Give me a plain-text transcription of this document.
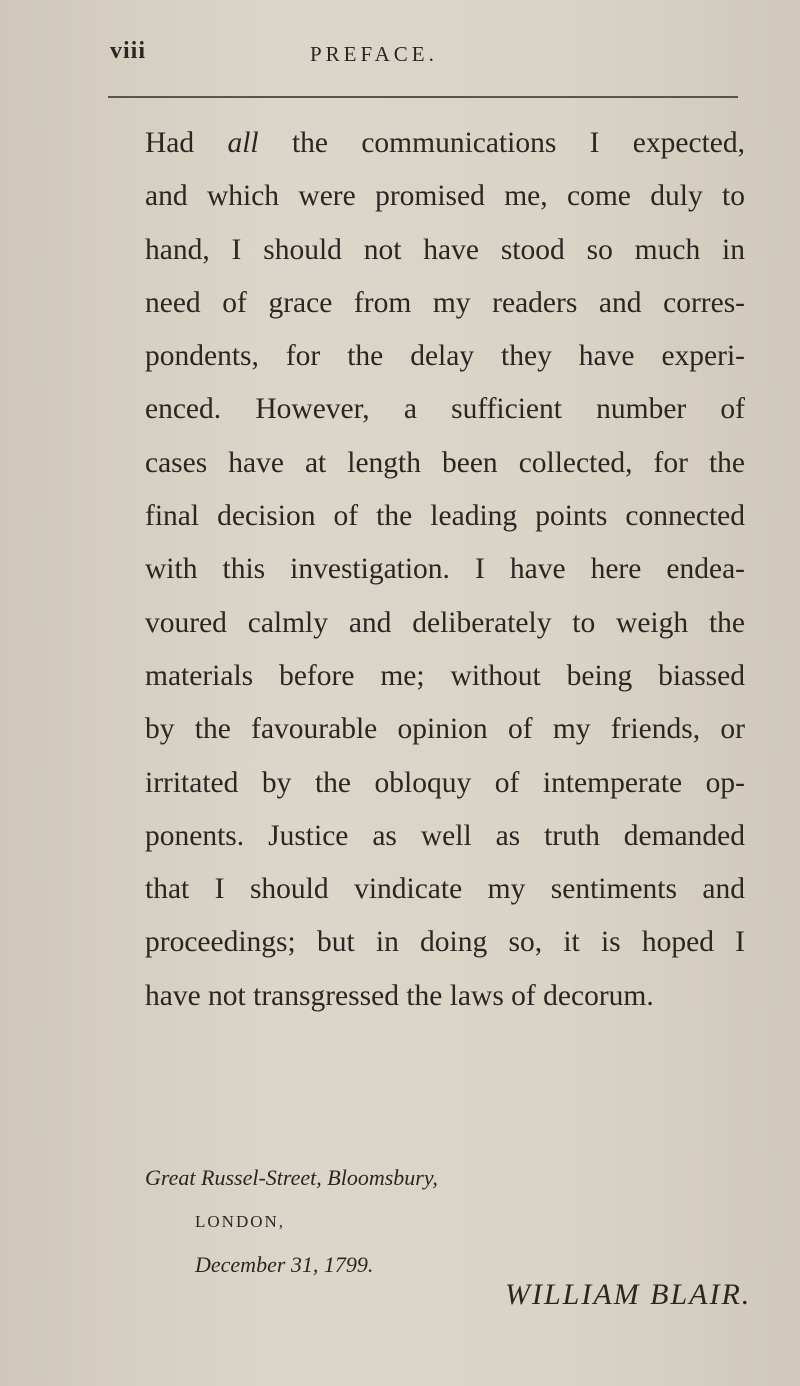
viii	PREFACE.
Had all the communications I expected,
and which were promised me, come duly to
hand, I should not have stood so much in
need of grace from my readers and corres-
pondents, for the delay they have experi-
enced. However, a sufficient number of
cases have at length been collected, for the
final decision of the leading points connected
with this investigation. I have here endea-
voured calmly and deliberately to weigh the
materials before me; without being biassed
by the favourable opinion of my friends, or
irritated by the obloquy of intemperate op-
ponents. Justice as well as truth demanded
that I should vindicate my sentiments and
proceedings; but in doing so, it is hoped I
have not transgressed the laws of decorum.
Great Russel-Street, Bloomsbury,
LONDON,
December 31, 1799.
WILLIAM BLAIR.
